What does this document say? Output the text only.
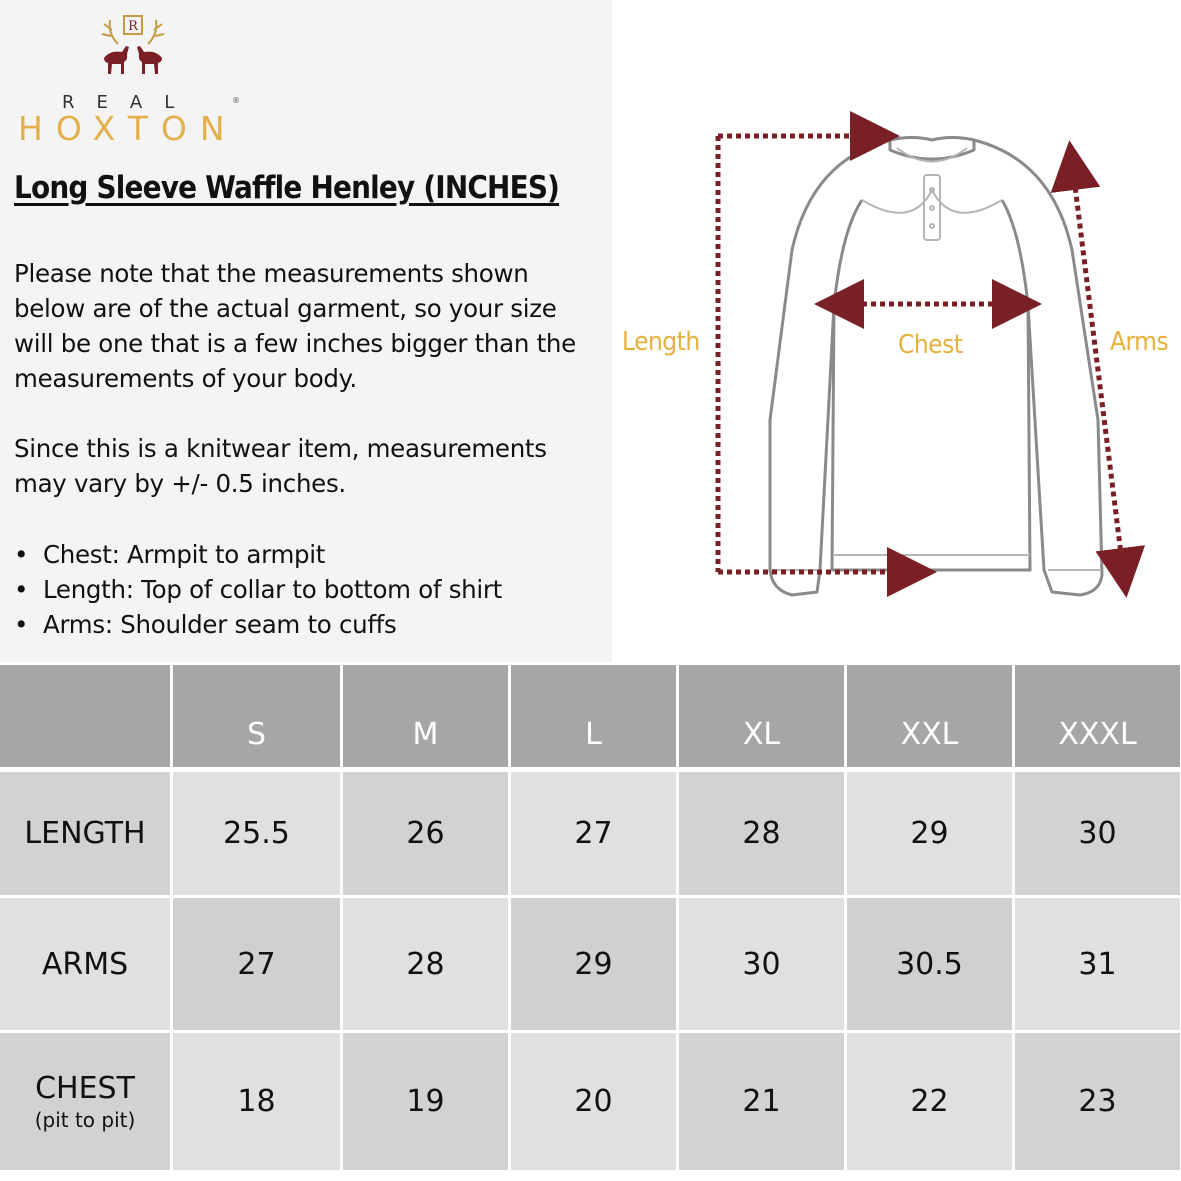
R
REAL
HOXTON
®
Long Sleeve Waffle Henley (INCHES)
Please note that the measurements shown below are of the actual garment, so your size will be one that is a few inches bigger than the measurements of your body.
Since this is a knitwear item, measurements may vary by +/- 0.5 inches.
• Chest: Armpit to armpit
• Length: Top of collar to bottom of shirt
• Arms: Shoulder seam to cuffs
Length	Chest	Arms
	S	M	L	XL	XXL	XXXL

LENGTH	25.5	26	27	28	29	30

ARMS	27	28	29	30	30.5	31

CHEST
(pit to pit)	18	19	20	21	22	23
